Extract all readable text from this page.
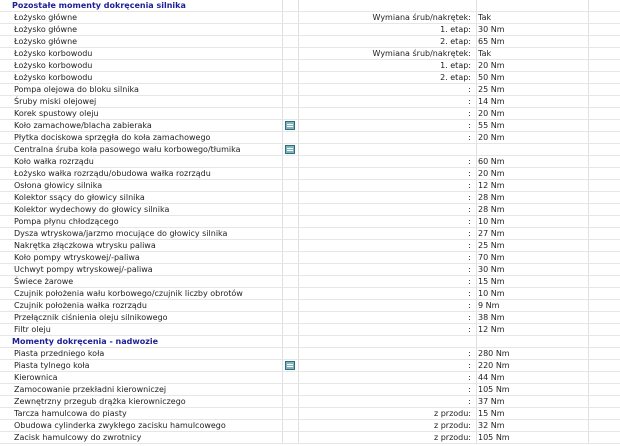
Pozostałe momenty dokręcenia silnika
Łożysko główne	Wymiana śrub/nakrętek: Tak
Łożysko główne	1. etap: 30 Nm
Łożysko główne	2. etap: 65 Nm
Łożysko korbowodu	Wymiana śrub/nakrętek: Tak
Łożysko korbowodu	1. etap: 20 Nm
Łożysko korbowodu	2. etap: 50 Nm
Pompa olejowa do bloku silnika	: 25 Nm
Śruby miski olejowej	: 14 Nm
Korek spustowy oleju	: 20 Nm
Koło zamachowe/blacha zabieraka	: 55 Nm
Płytka dociskowa sprzęgła do koła zamachowego	: 20 Nm
Centralna śruba koła pasowego wału korbowego/tłumika
Koło wałka rozrządu	: 60 Nm
Łożysko wałka rozrządu/obudowa wałka rozrządu	: 20 Nm
Osłona głowicy silnika	: 12 Nm
Kolektor ssący do głowicy silnika	: 28 Nm
Kolektor wydechowy do głowicy silnika	: 28 Nm
Pompa płynu chłodzącego	: 10 Nm
Dysza wtryskowa/jarzmo mocujące do głowicy silnika	: 27 Nm
Nakrętka złączkowa wtrysku paliwa	: 25 Nm
Koło pompy wtryskowej/-paliwa	: 70 Nm
Uchwyt pompy wtryskowej/-paliwa	: 30 Nm
Świece żarowe	: 15 Nm
Czujnik położenia wału korbowego/czujnik liczby obrotów	: 10 Nm
Czujnik położenia wałka rozrządu	: 9 Nm
Przełącznik ciśnienia oleju silnikowego	: 38 Nm
Filtr oleju	: 12 Nm
Momenty dokręcenia - nadwozie
Piasta przedniego koła	: 280 Nm
Piasta tylnego koła	: 220 Nm
Kierownica	: 44 Nm
Zamocowanie przekładni kierowniczej	: 105 Nm
Zewnętrzny przegub drążka kierowniczego	: 37 Nm
Tarcza hamulcowa do piasty	z przodu: 15 Nm
Obudowa cylinderka zwykłego zacisku hamulcowego	z przodu: 32 Nm
Zacisk hamulcowy do zwrotnicy	z przodu: 105 Nm
